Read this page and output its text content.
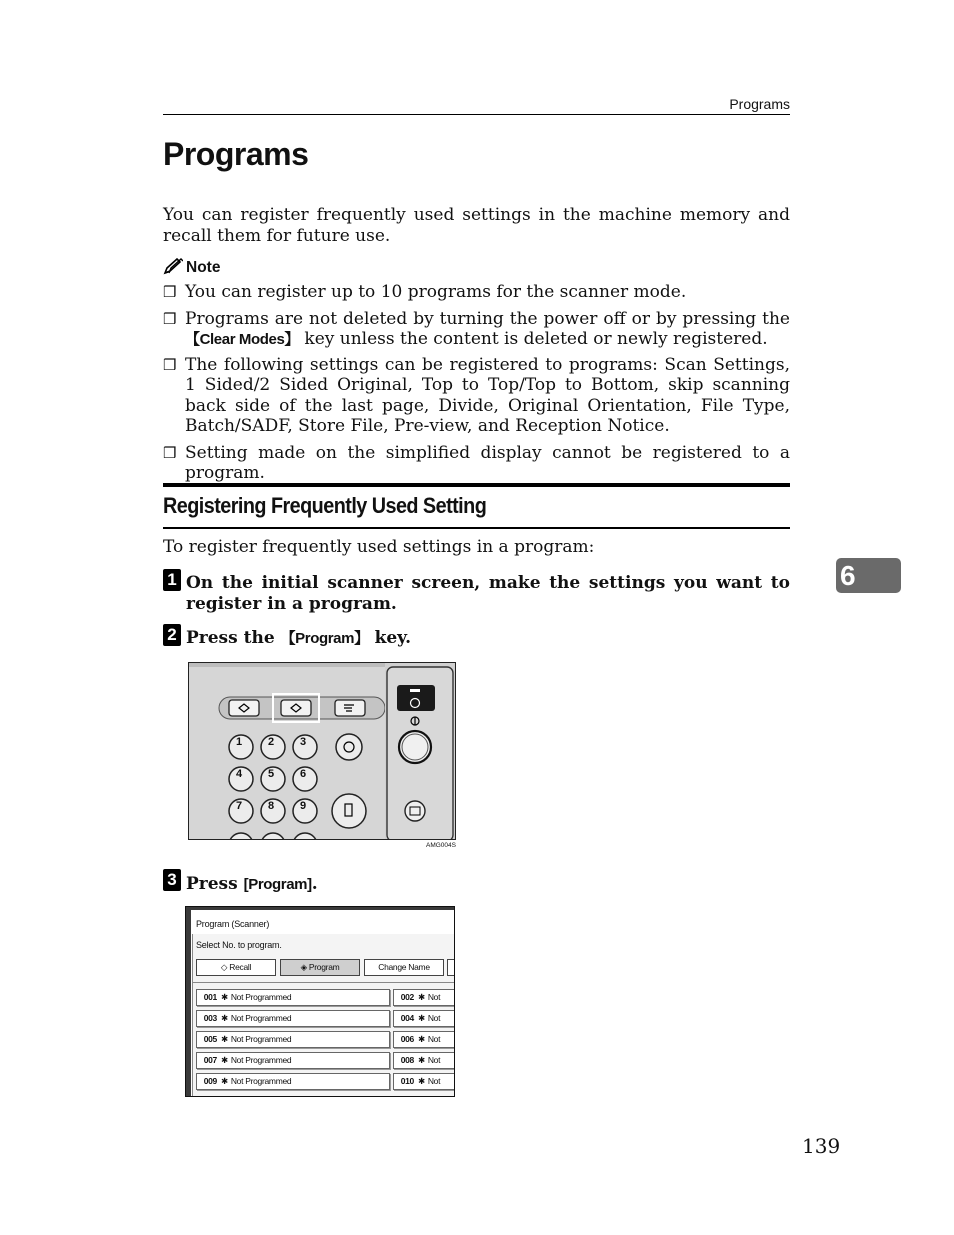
Programs
Programs
You can register frequently used settings in the machine memory and recall them for future use.
Note
❒ You can register up to 10 programs for the scanner mode.
❒ Programs are not deleted by turning the power off or by pressing the 【Clear Modes】 key unless the content is deleted or newly registered.
❒ The following settings can be registered to programs: Scan Settings, 1 Sided/2 Sided Original, Top to Top/Top to Bottom, skip scanning back side of the last page, Divide, Original Orientation, File Type, Batch/SADF, Store File, Pre-view, and Reception Notice.
❒ Setting made on the simplified display cannot be registered to a program.
Registering Frequently Used Setting
To register frequently used settings in a program:
1 On the initial scanner screen, make the settings you want to register in a program.
2 Press the 【Program】 key.
1 2 3
4 5 6
7 8 9
AMG004S
3 Press [Program].
Program (Scanner)
Select No. to program.
◇ Recall	◈ Program	Change Name
001 ✱ Not Programmed
003 ✱ Not Programmed
005 ✱ Not Programmed
007 ✱ Not Programmed
009 ✱ Not Programmed
002 ✱ Not
004 ✱ Not
006 ✱ Not
008 ✱ Not
010 ✱ Not
6
139
